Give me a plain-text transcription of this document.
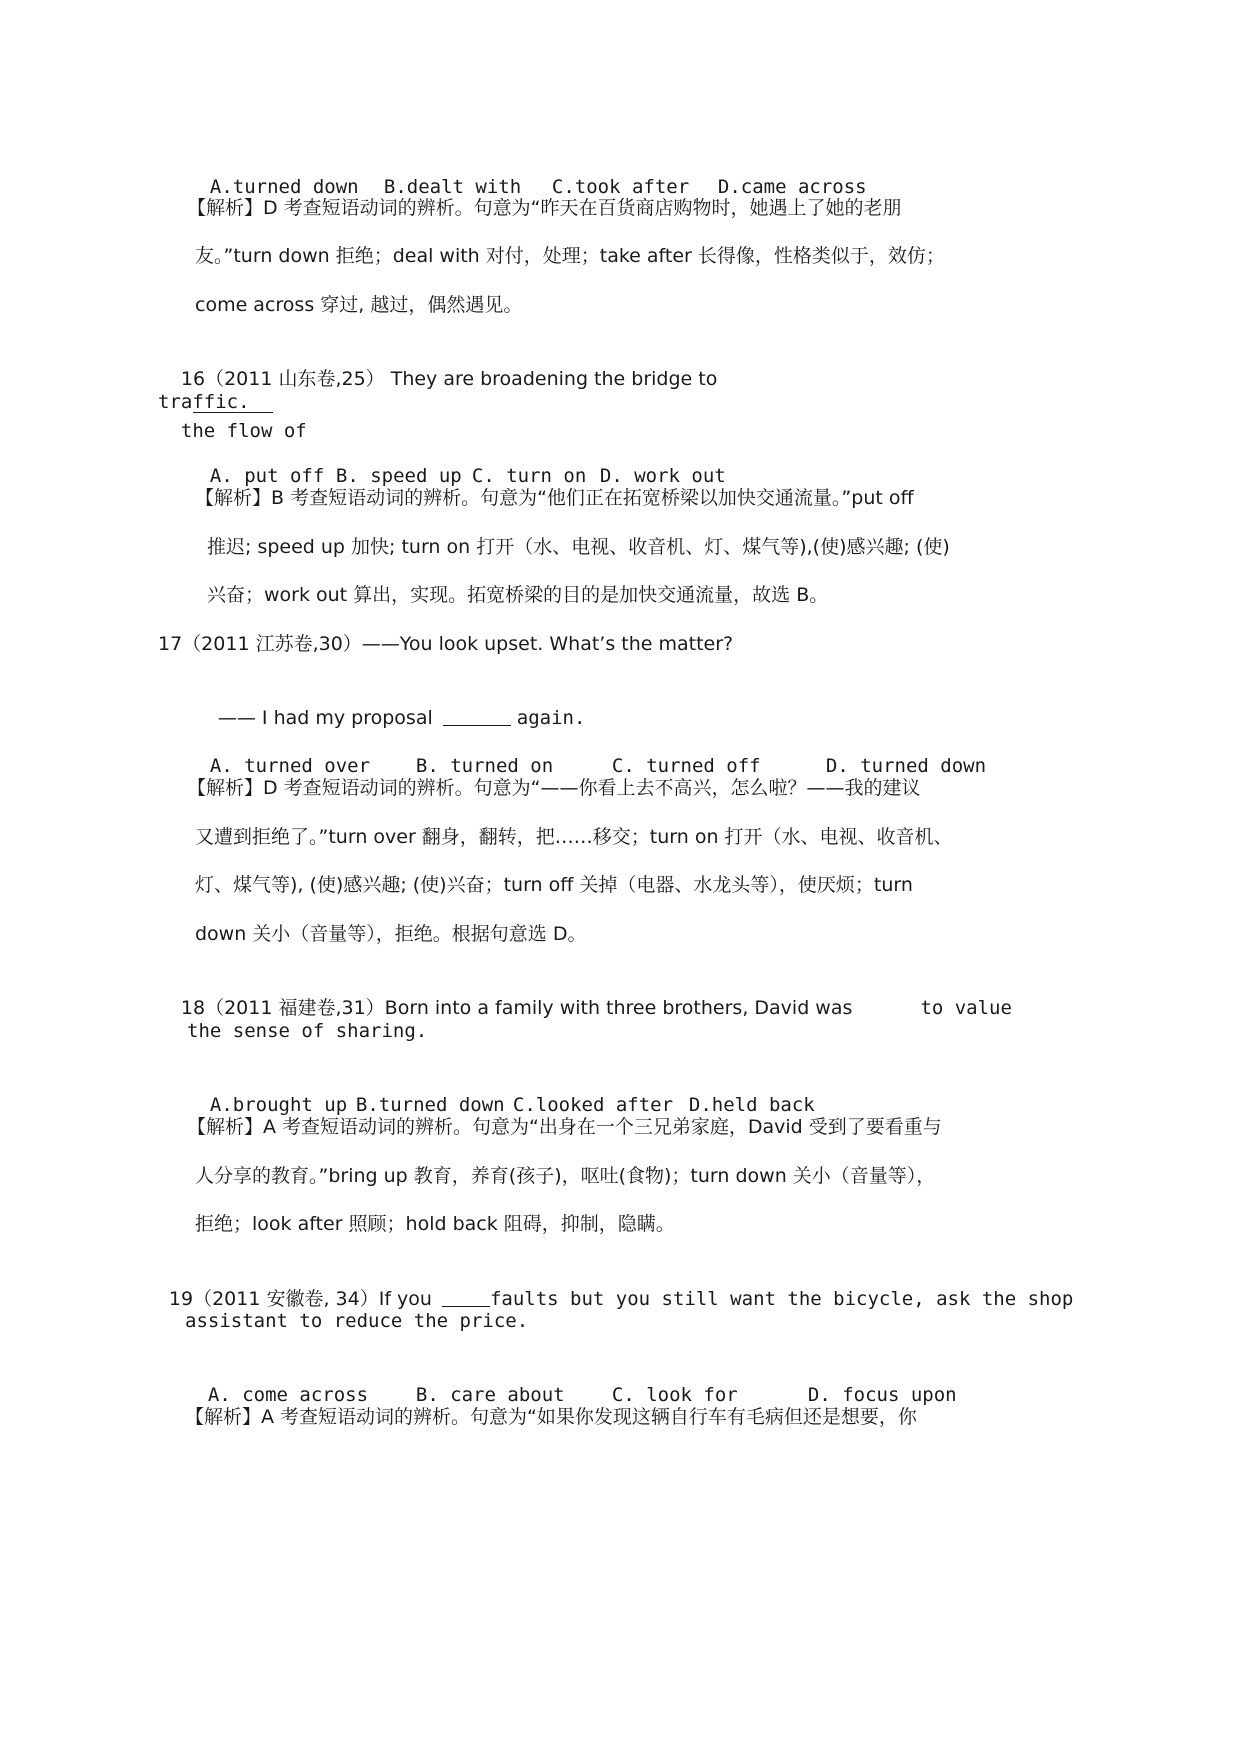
A.turned down B.dealt with C.took after D.came across

【解析】D 考查短语动词的辨析。句意为“昨天在百货商店购物时，她遇上了她的老朋
友。”turn down 拒绝；deal with 对付，处理；take after 长得像，性格类似于，效仿；
come across 穿过, 越过，偶然遇见。

16（2011 山东卷,25） They are broadening the bridge to

the flow of

traffic.

A. put off B. speed up C. turn on D. work out

【解析】B 考查短语动词的辨析。句意为“他们正在拓宽桥梁以加快交通流量。”put off
推迟; speed up 加快; turn on 打开（水、电视、收音机、灯、煤气等),(使)感兴趣; (使)
兴奋；work out 算出，实现。拓宽桥梁的目的是加快交通流量，故选 B。
17（2011 江苏卷,30）——You look upset. What’s the matter?

—— I had my proposal	again.

A. turned over B. turned on	C. turned off	D. turned down

【解析】D 考查短语动词的辨析。句意为“——你看上去不高兴，怎么啦？——我的建议
又遭到拒绝了。”turn over 翻身，翻转，把……移交；turn on 打开（水、电视、收音机、
灯、煤气等), (使)感兴趣; (使)兴奋；turn off 关掉（电器、水龙头等），使厌烦；turn
down 关小（音量等），拒绝。根据句意选 D。

18（2011 福建卷,31）Born into a family with three brothers, David was	to value

the sense of sharing.

A.brought up B.turned down C.looked after D.held back

【解析】A 考查短语动词的辨析。句意为“出身在一个三兄弟家庭，David 受到了要看重与
人分享的教育。”bring up 教育，养育(孩子)，呕吐(食物)；turn down 关小（音量等），
拒绝；look after 照顾；hold back 阻碍，抑制，隐瞒。

19（2011 安徽卷, 34）If you	faults but you still want the bicycle, ask the shop

assistant to reduce the price.

A. come across	B. care about C. look for	D. focus upon

【解析】A 考查短语动词的辨析。句意为“如果你发现这辆自行车有毛病但还是想要，你
